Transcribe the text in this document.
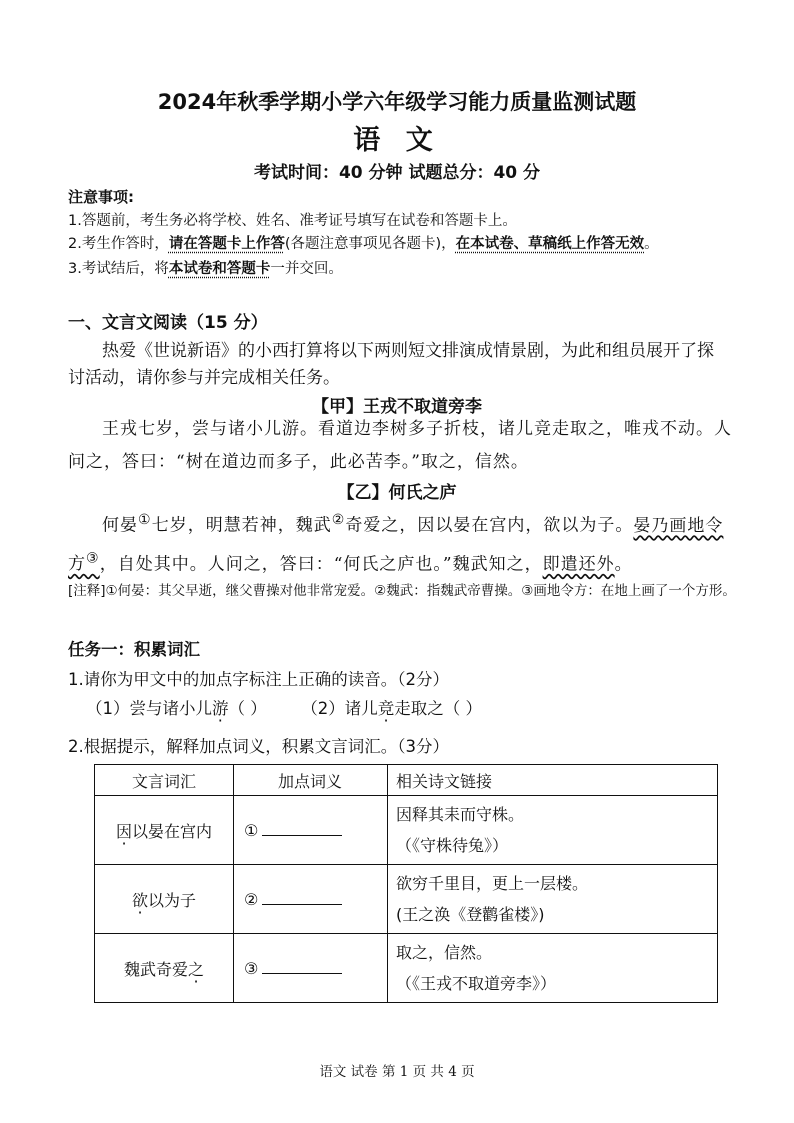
2024年秋季学期小学六年级学习能力质量监测试题
语 文
考试时间：40 分钟 试题总分：40 分
注意事项:
1.答题前，考生务必将学校、姓名、准考证号填写在试卷和答题卡上。
2.考生作答时，请在答题卡上作答(各题注意事项见各题卡)，在本试卷、草稿纸上作答无效。
3.考试结后，将本试卷和答题卡一并交回。
一、文言文阅读（15 分）
热爱《世说新语》的小西打算将以下两则短文排演成情景剧，为此和组员展开了探讨活动，请你参与并完成相关任务。
【甲】王戎不取道旁李
王戎七岁，尝与诸小儿游。看道边李树多子折枝，诸儿竞走取之，唯戎不动。人问之，答曰：“树在道边而多子，此必苦李。”取之，信然。
【乙】何氏之庐
何晏①七岁，明慧若神，魏武②奇爱之，因以晏在宫内，欲以为子。晏乃画地令方③，自处其中。人问之，答曰：“何氏之庐也。”魏武知之，即遣还外。
[注释]①何晏：其父早逝，继父曹操对他非常宠爱。②魏武：指魏武帝曹操。③画地令方：在地上画了一个方形。
任务一：积累词汇
1.请你为甲文中的加点字标注上正确的读音。（2分）
（1）尝与诸小儿游（ ） （2）诸儿竞走取之（ ）
2.根据提示，解释加点词义，积累文言词汇。（3分）
文言词汇	加点词义	相关诗文链接
因以晏在宫内	①	因释其耒而守株。
（《守株待兔》）

欲以为子	②	欲穷千里目，更上一层楼。
(王之涣《登鹳雀楼》)

魏武奇爱之	③	取之，信然。
（《王戎不取道旁李》）
语文 试卷 第 1 页 共 4 页
